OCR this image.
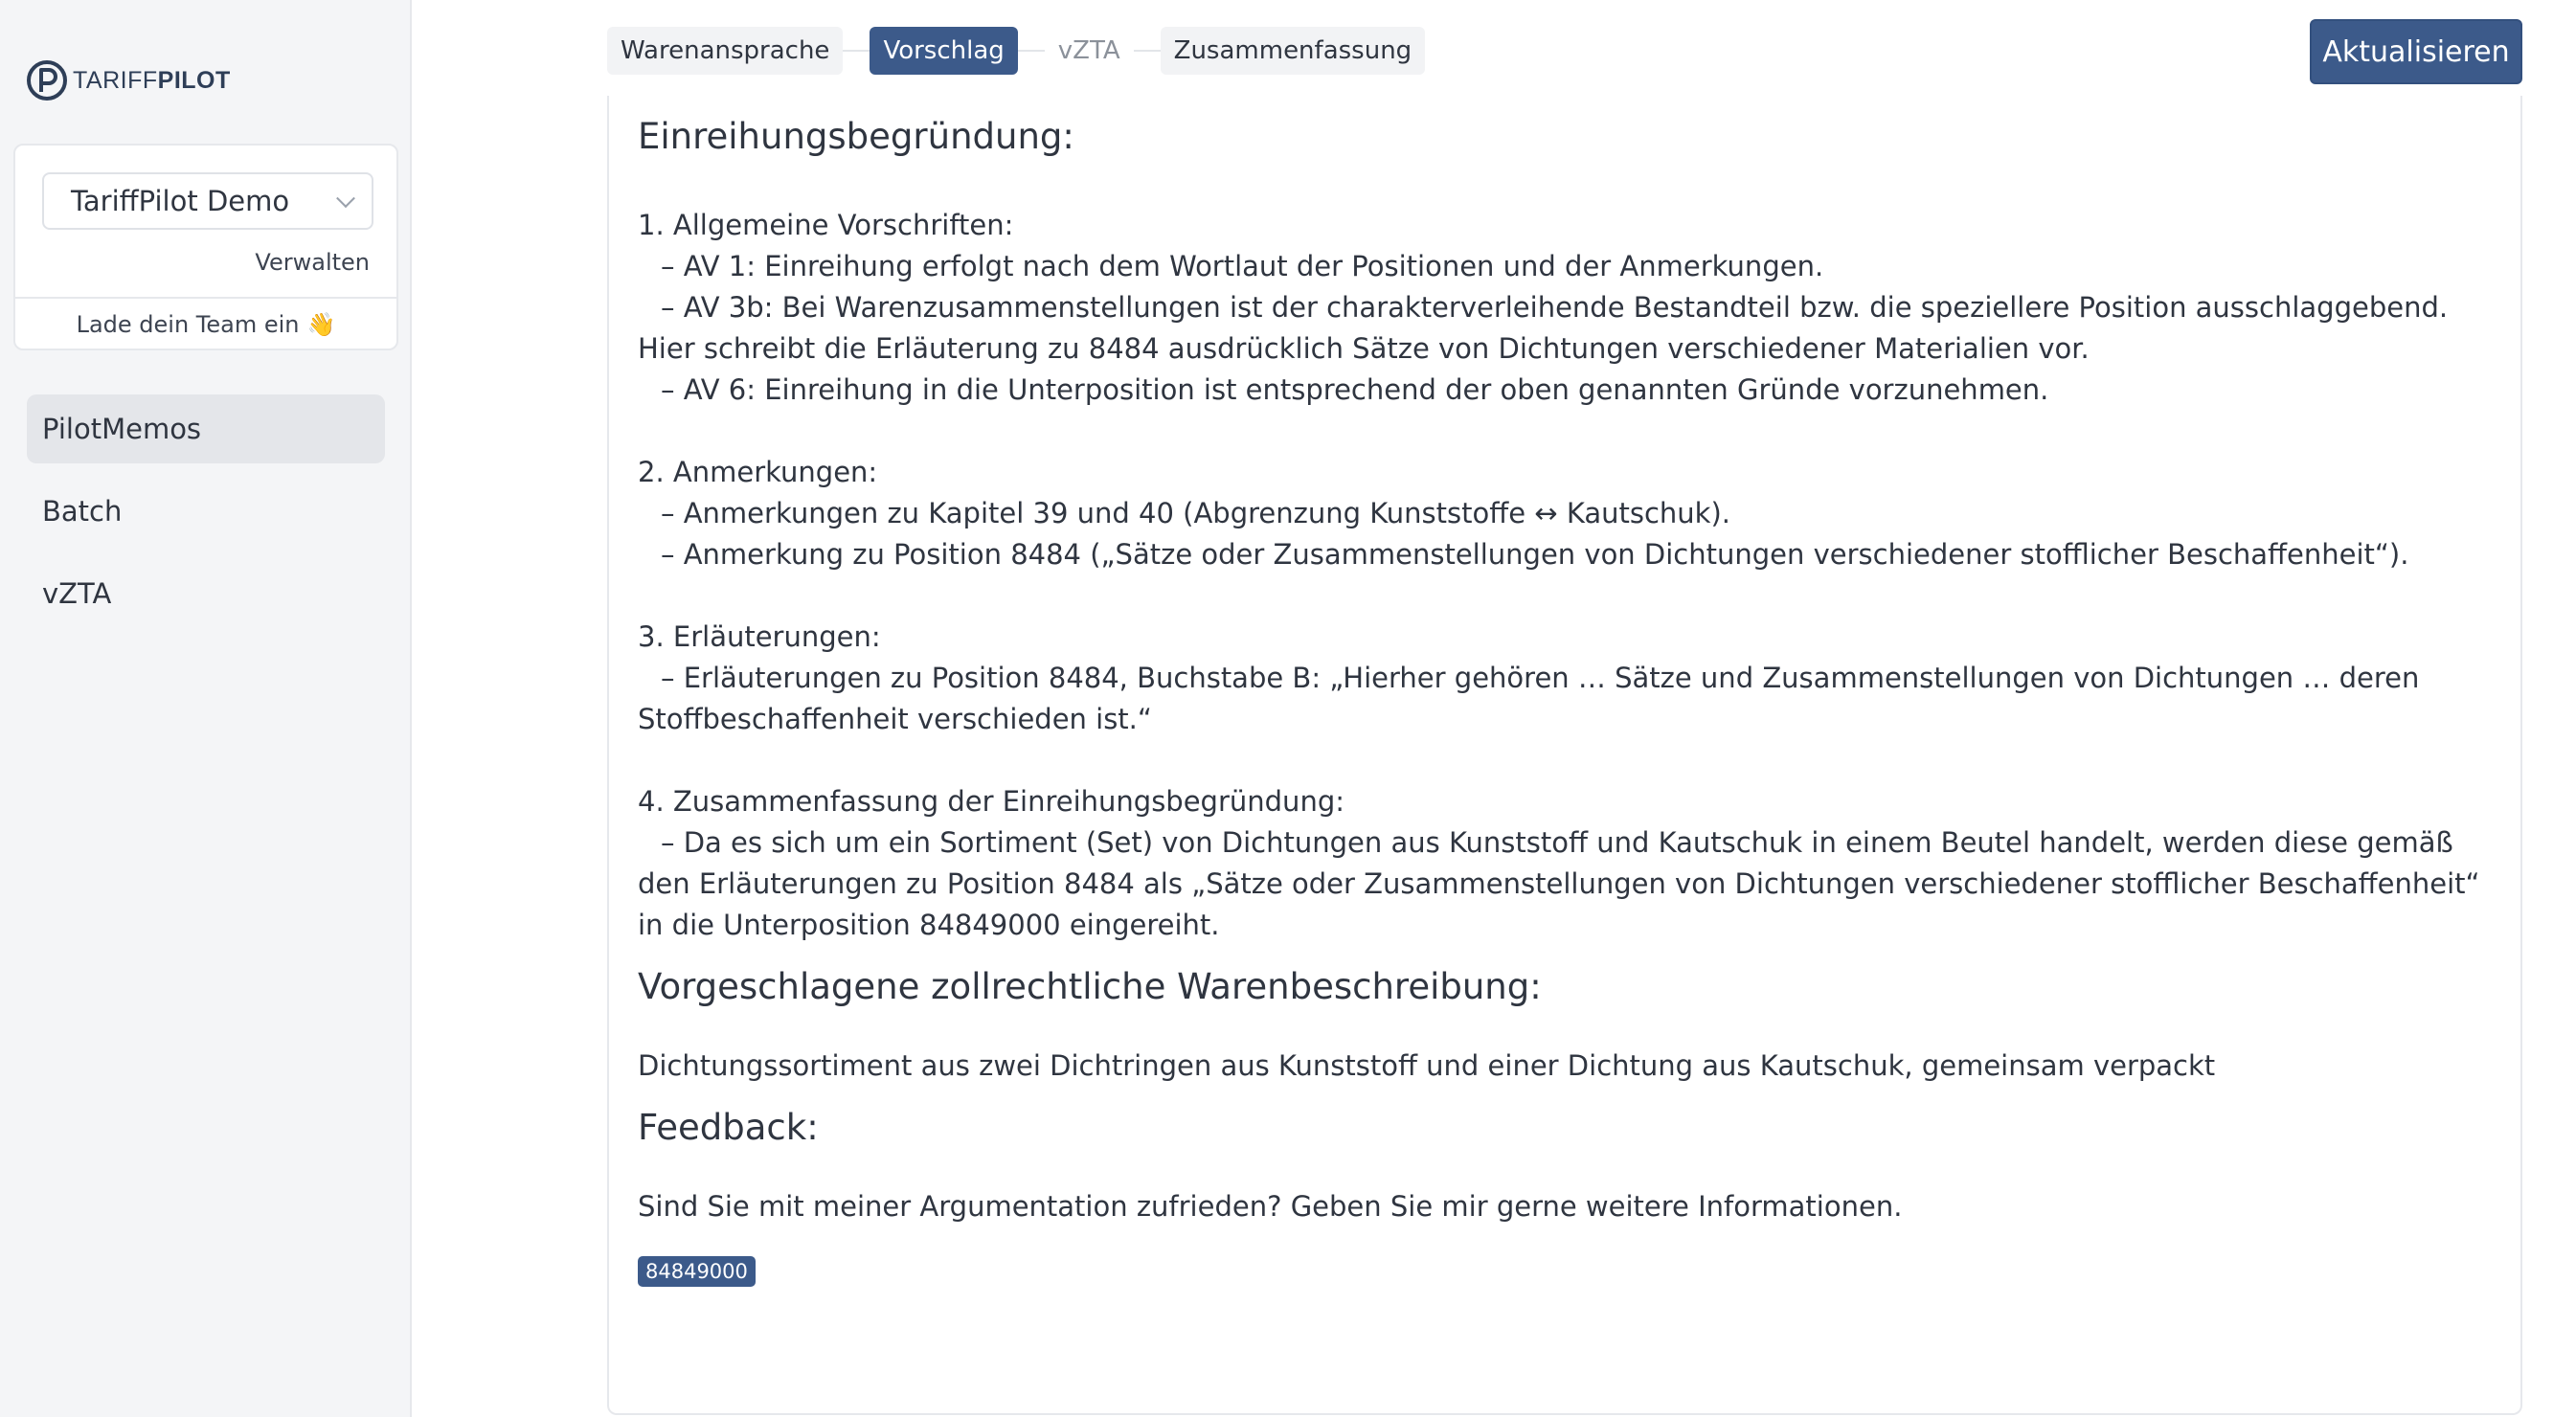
TARIFFPILOT
TariffPilot Demo
Verwalten
Lade dein Team ein 👋
PilotMemos
Batch
vZTA
Warenansprache	Vorschlag	vZTA	Zusammenfassung	Aktualisieren
Einreihungsbegründung:

1. Allgemeine Vorschriften:

– AV 1: Einreihung erfolgt nach dem Wortlaut der Positionen und der Anmerkungen.

– AV 3b: Bei Warenzusammenstellungen ist der charakterverleihende Bestandteil bzw. die speziellere Position ausschlaggebend. Hier schreibt die Erläuterung zu 8484 ausdrücklich Sätze von Dichtungen verschiedener Materialien vor.

– AV 6: Einreihung in die Unterposition ist entsprechend der oben genannten Gründe vorzunehmen.

2. Anmerkungen:

– Anmerkungen zu Kapitel 39 und 40 (Abgrenzung Kunststoffe ↔ Kautschuk).

– Anmerkung zu Position 8484 („Sätze oder Zusammenstellungen von Dichtungen verschiedener stofflicher Beschaffenheit“).

3. Erläuterungen:

– Erläuterungen zu Position 8484, Buchstabe B: „Hierher gehören … Sätze und Zusammenstellungen von Dichtungen … deren Stoffbeschaffenheit verschieden ist.“

4. Zusammenfassung der Einreihungsbegründung:

– Da es sich um ein Sortiment (Set) von Dichtungen aus Kunststoff und Kautschuk in einem Beutel handelt, werden diese gemäß den Erläuterungen zu Position 8484 als „Sätze oder Zusammenstellungen von Dichtungen verschiedener stofflicher Beschaffenheit“ in die Unterposition 84849000 eingereiht.

Vorgeschlagene zollrechtliche Warenbeschreibung:

Dichtungssortiment aus zwei Dichtringen aus Kunststoff und einer Dichtung aus Kautschuk, gemeinsam verpackt

Feedback:

Sind Sie mit meiner Argumentation zufrieden? Geben Sie mir gerne weitere Informationen.

84849000
